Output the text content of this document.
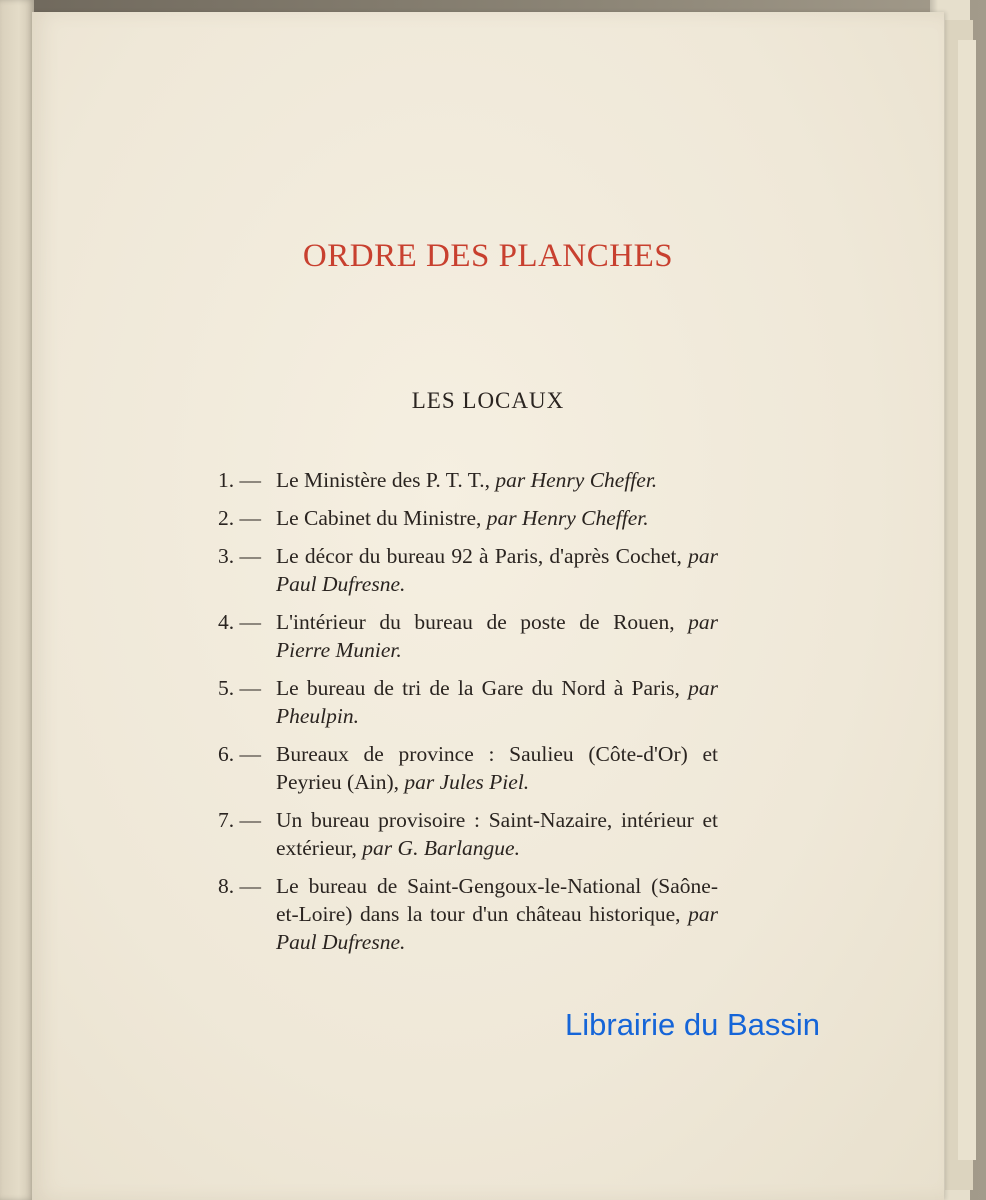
ORDRE DES PLANCHES
LES LOCAUX
1. — Le Ministère des P. T. T., par Henry Cheffer.
2. — Le Cabinet du Ministre, par Henry Cheffer.
3. — Le décor du bureau 92 à Paris, d'après Cochet, par Paul Dufresne.
4. — L'intérieur du bureau de poste de Rouen, par Pierre Munier.
5. — Le bureau de tri de la Gare du Nord à Paris, par Pheulpin.
6. — Bureaux de province : Saulieu (Côte-d'Or) et Peyrieu (Ain), par Jules Piel.
7. — Un bureau provisoire : Saint-Nazaire, intérieur et extérieur, par G. Barlangue.
8. — Le bureau de Saint-Gengoux-le-National (Saône-et-Loire) dans la tour d'un château historique, par Paul Dufresne.
Librairie du Bassin
